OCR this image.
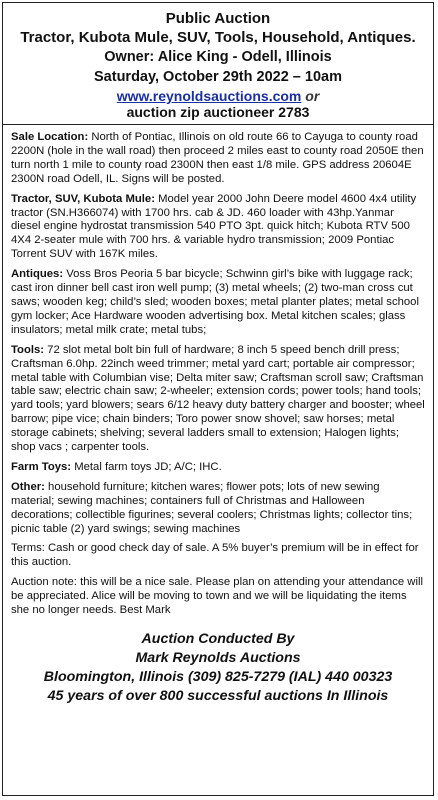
Public Auction
Tractor, Kubota Mule, SUV, Tools, Household, Antiques.
Owner: Alice King - Odell, Illinois
Saturday, October 29th 2022 – 10am
www.reynoldsauctions.com or
auction zip auctioneer 2783
Sale Location: North of Pontiac, Illinois on old route 66 to Cayuga to county road 2200N (hole in the wall road) then proceed 2 miles east to county road 2050E then turn north 1 mile to county road 2300N then east 1/8 mile. GPS address 20604E 2300N road Odell, IL. Signs will be posted.
Tractor, SUV, Kubota Mule: Model year 2000 John Deere model 4600 4x4 utility tractor (SN.H366074) with 1700 hrs. cab & JD. 460 loader with 43hp.Yanmar diesel engine hydrostat transmission 540 PTO 3pt. quick hitch; Kubota RTV 500 4X4 2-seater mule with 700 hrs. & variable hydro transmission; 2009 Pontiac Torrent SUV with 167K miles.
Antiques: Voss Bros Peoria 5 bar bicycle; Schwinn girl’s bike with luggage rack; cast iron dinner bell cast iron well pump; (3) metal wheels; (2) two-man cross cut saws; wooden keg; child’s sled; wooden boxes; metal planter plates; metal school gym locker; Ace Hardware wooden advertising box. Metal kitchen scales; glass insulators; metal milk crate; metal tubs;
Tools: 72 slot metal bolt bin full of hardware; 8 inch 5 speed bench drill press; Craftsman 6.0hp. 22inch weed trimmer; metal yard cart; portable air compressor; metal table with Columbian vise; Delta miter saw; Craftsman scroll saw; Craftsman table saw; electric chain saw; 2-wheeler; extension cords; power tools; hand tools; yard tools; yard blowers; sears 6/12 heavy duty battery charger and booster; wheel barrow; pipe vice; chain binders; Toro power snow shovel; saw horses; metal storage cabinets; shelving; several ladders small to extension; Halogen lights; shop vacs ; carpenter tools.
Farm Toys: Metal farm toys JD; A/C; IHC.
Other: household furniture; kitchen wares; flower pots; lots of new sewing material; sewing machines; containers full of Christmas and Halloween decorations; collectible figurines; several coolers; Christmas lights; collector tins; picnic table (2) yard swings; sewing machines
Terms: Cash or good check day of sale. A 5% buyer’s premium will be in effect for this auction.
Auction note: this will be a nice sale. Please plan on attending your attendance will be appreciated. Alice will be moving to town and we will be liquidating the items she no longer needs. Best Mark
Auction Conducted By
Mark Reynolds Auctions
Bloomington, Illinois (309) 825-7279 (IAL) 440 00323
45 years of over 800 successful auctions In Illinois
